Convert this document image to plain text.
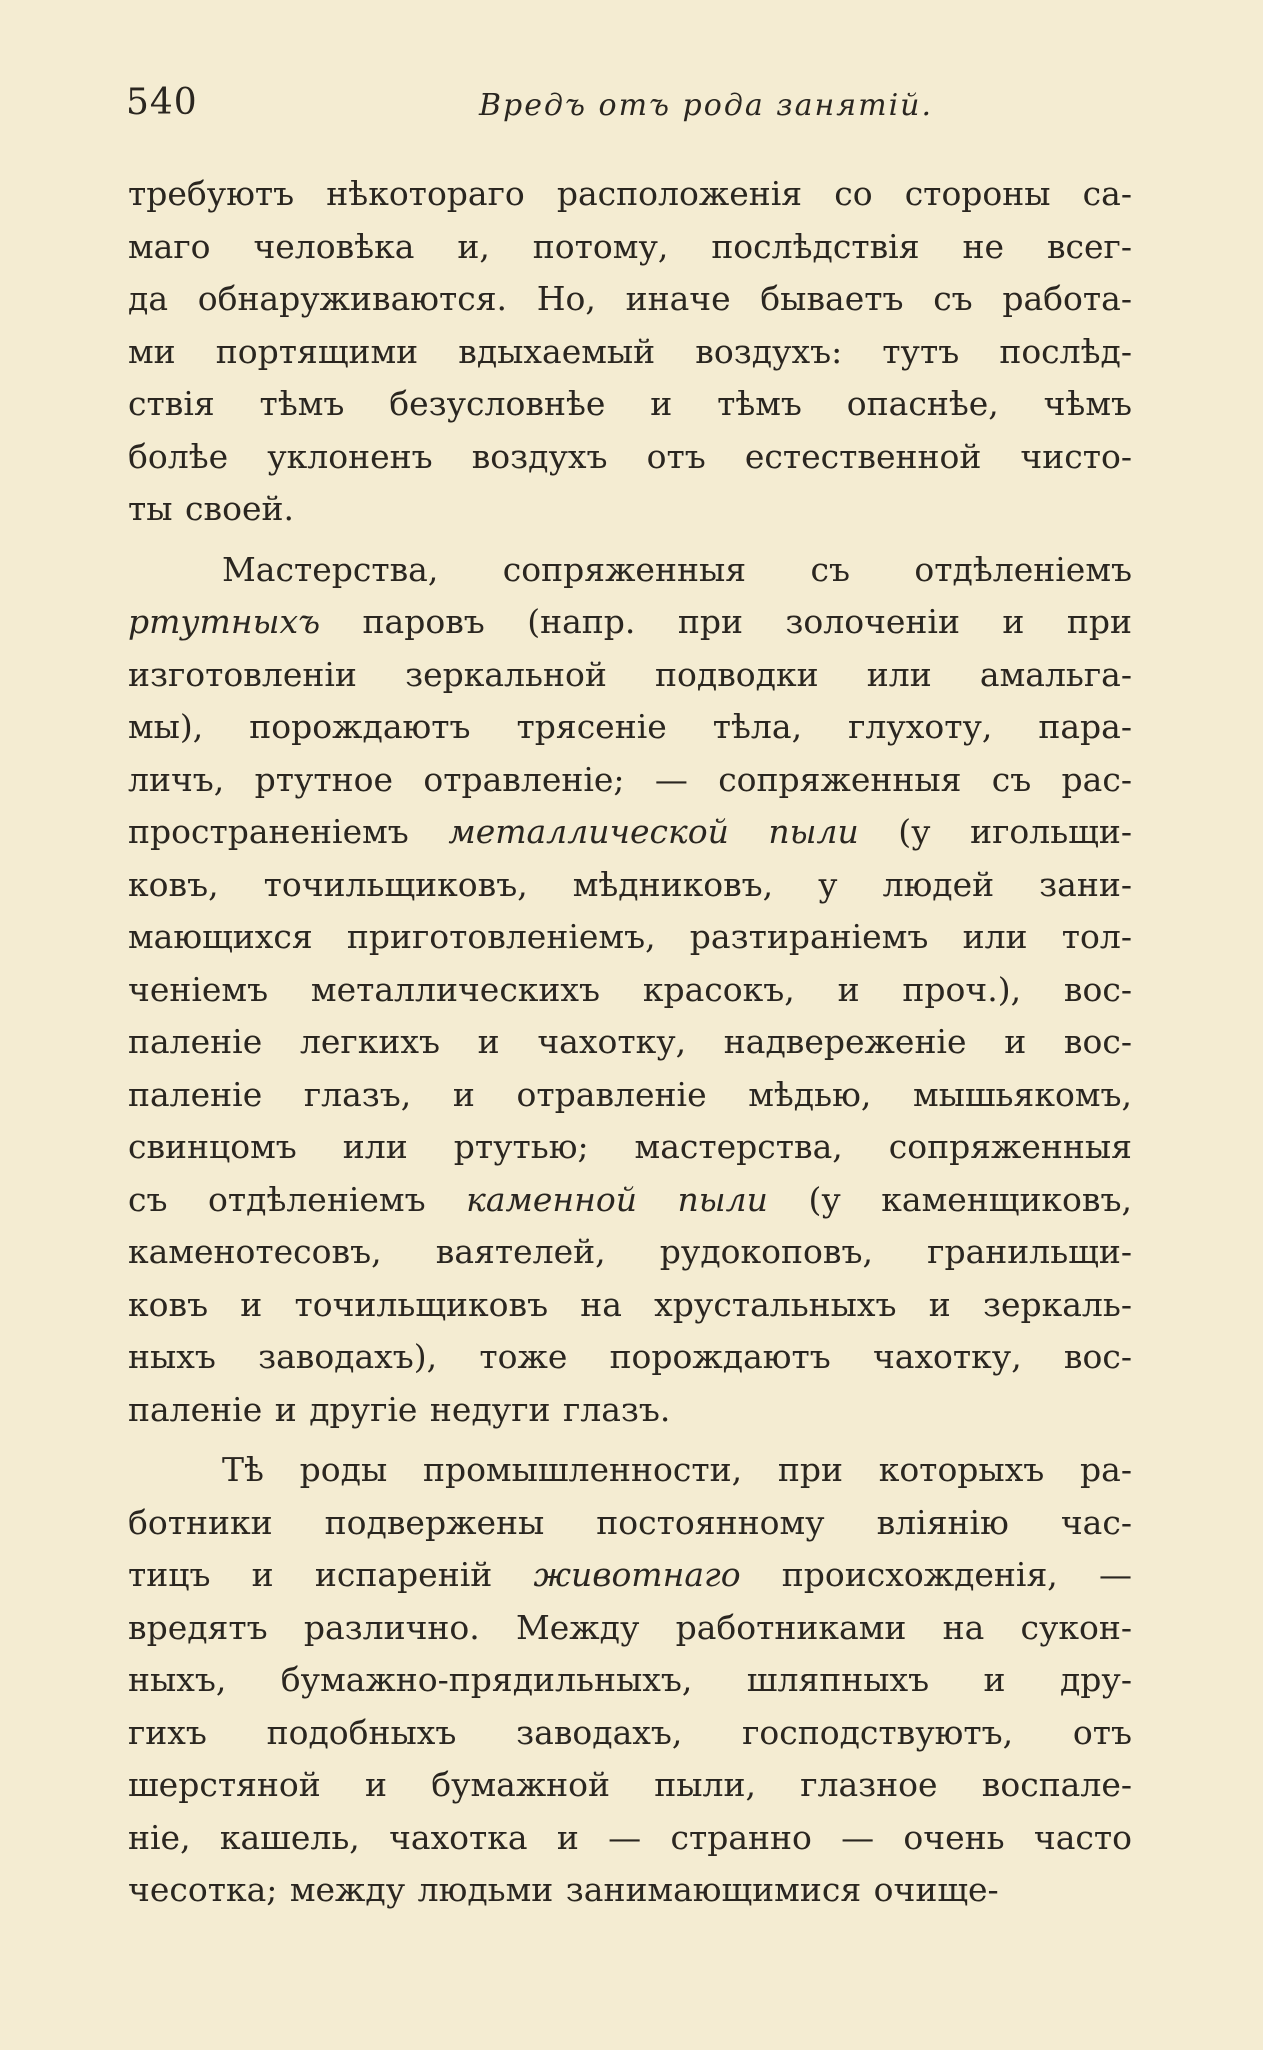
540	Вредъ отъ рода занятій.
требуютъ нѣкотораго расположенія со стороны са-
маго человѣка и, потому, послѣдствія не всег-
да обнаруживаются. Но, иначе бываетъ съ работа-
ми портящими вдыхаемый воздухъ: тутъ послѣд-
ствія тѣмъ безусловнѣе и тѣмъ опаснѣе, чѣмъ
болѣе уклоненъ воздухъ отъ естественной чисто-
ты своей.
Мастерства, сопряженныя съ отдѣленіемъ
ртутныхъ паровъ (напр. при золоченіи и при
изготовленіи зеркальной подводки или амальга-
мы), порождаютъ трясеніе тѣла, глухоту, пара-
личъ, ртутное отравленіе; — сопряженныя съ рас-
пространеніемъ металлической пыли (у игольщи-
ковъ, точильщиковъ, мѣдниковъ, у людей зани-
мающихся приготовленіемъ, разтираніемъ или тол-
ченіемъ металлическихъ красокъ, и проч.), вос-
паленіе легкихъ и чахотку, надвереженіе и вос-
паленіе глазъ, и отравленіе мѣдью, мышьякомъ,
свинцомъ или ртутью; мастерства, сопряженныя
съ отдѣленіемъ каменной пыли (у каменщиковъ,
каменотесовъ, ваятелей, рудокоповъ, гранильщи-
ковъ и точильщиковъ на хрустальныхъ и зеркаль-
ныхъ заводахъ), тоже порождаютъ чахотку, вос-
паленіе и другіе недуги глазъ.
Тѣ роды промышленности, при которыхъ ра-
ботники подвержены постоянному вліянію час-
тицъ и испареній животнаго происхожденія, —
вредятъ различно. Между работниками на сукон-
ныхъ, бумажно-прядильныхъ, шляпныхъ и дру-
гихъ подобныхъ заводахъ, господствуютъ, отъ
шерстяной и бумажной пыли, глазное воспале-
ніе, кашель, чахотка и — странно — очень часто
чесотка; между людьми занимающимися очище-
